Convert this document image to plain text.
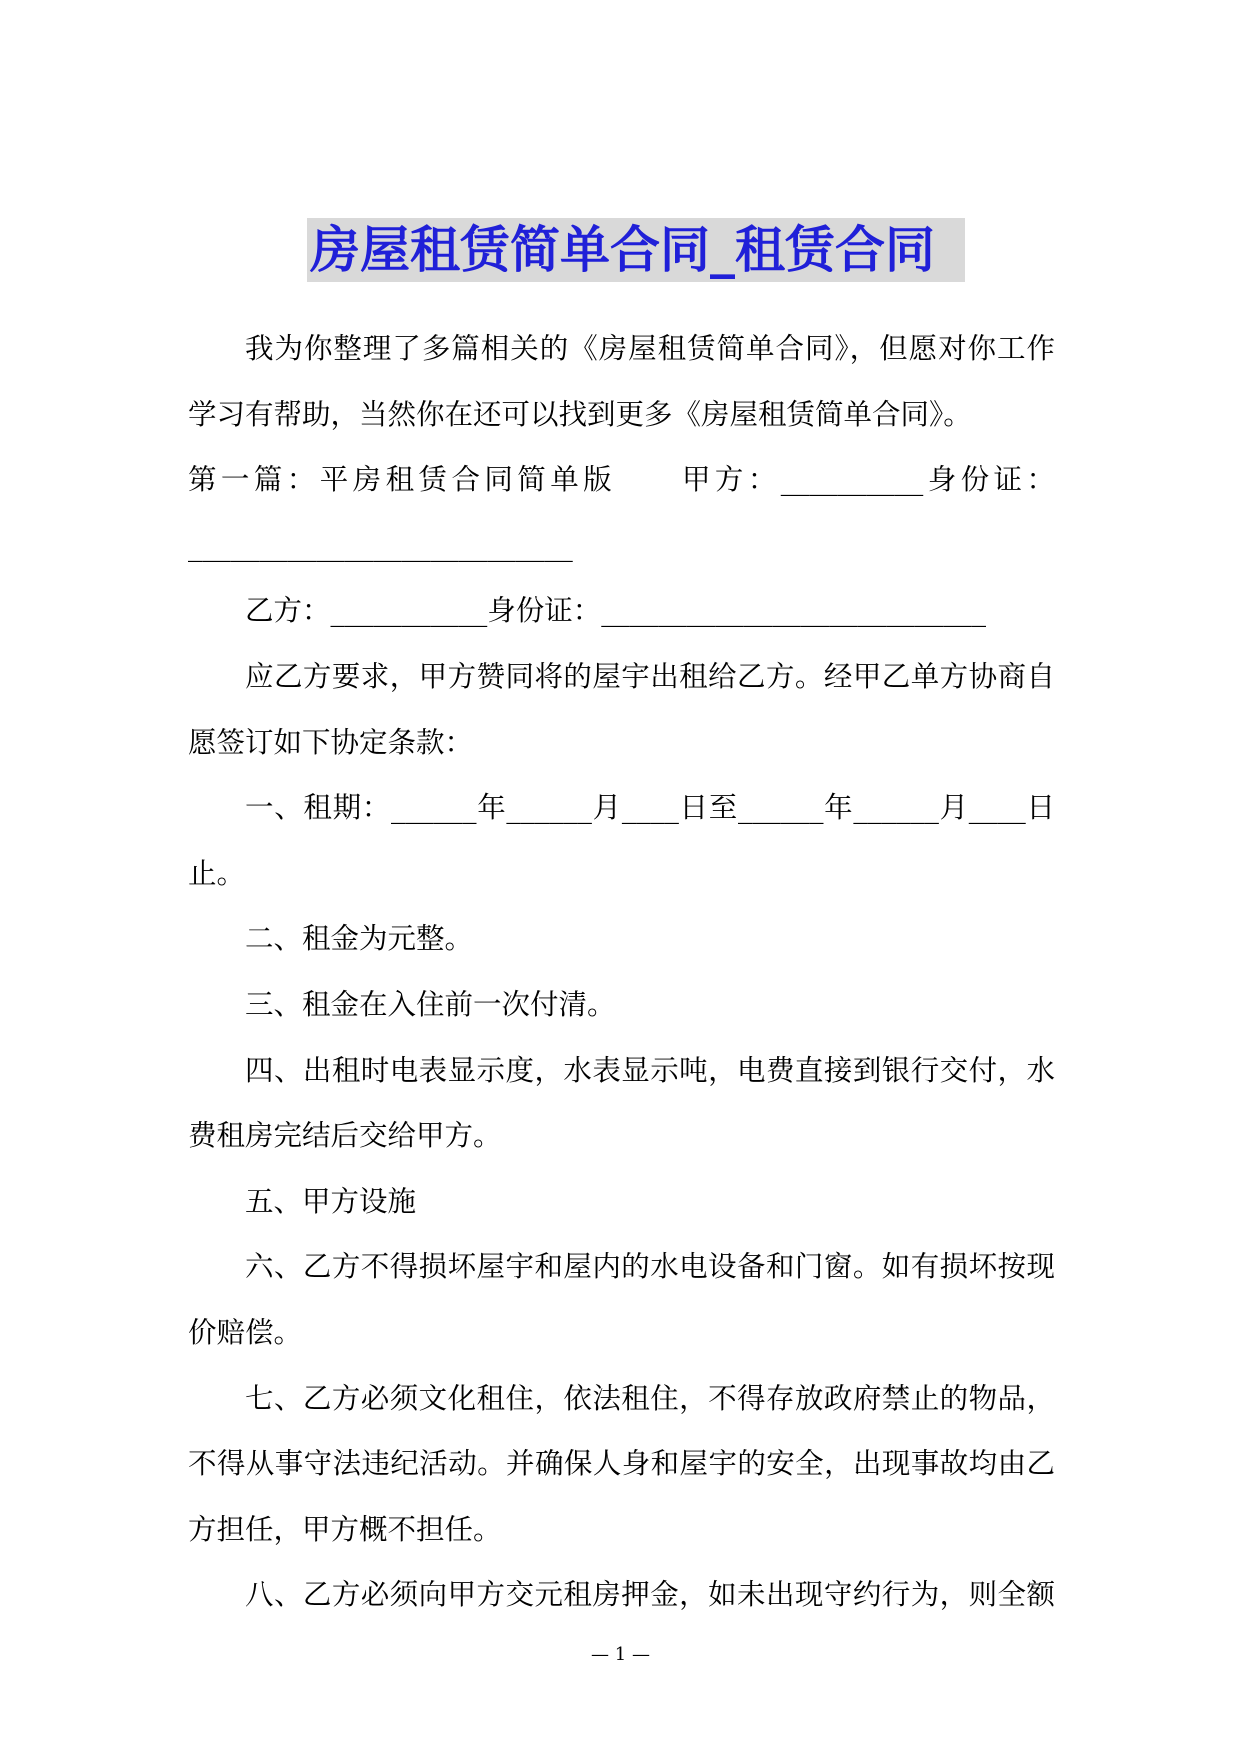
房屋租赁简单合同_租赁合同
我为你整理了多篇相关的《房屋租赁简单合同》，但愿对你工作
学习有帮助，当然你在还可以找到更多《房屋租赁简单合同》。
第一篇：平房租赁合同简单版　　甲方：__________身份证：
___________________________
乙方：___________身份证：___________________________
应乙方要求，甲方赞同将的屋宇出租给乙方。经甲乙单方协商自
愿签订如下协定条款：
一、租期：______年______月____日至______年______月____日
止。
二、租金为元整。
三、租金在入住前一次付清。
四、出租时电表显示度，水表显示吨，电费直接到银行交付，水
费租房完结后交给甲方。
五、甲方设施
六、乙方不得损坏屋宇和屋内的水电设备和门窗。如有损坏按现
价赔偿。
七、乙方必须文化租住，依法租住，不得存放政府禁止的物品，
不得从事守法违纪活动。并确保人身和屋宇的安全，出现事故均由乙
方担任，甲方概不担任。
八、乙方必须向甲方交元租房押金，如未出现守约行为，则全额
— 1 —
